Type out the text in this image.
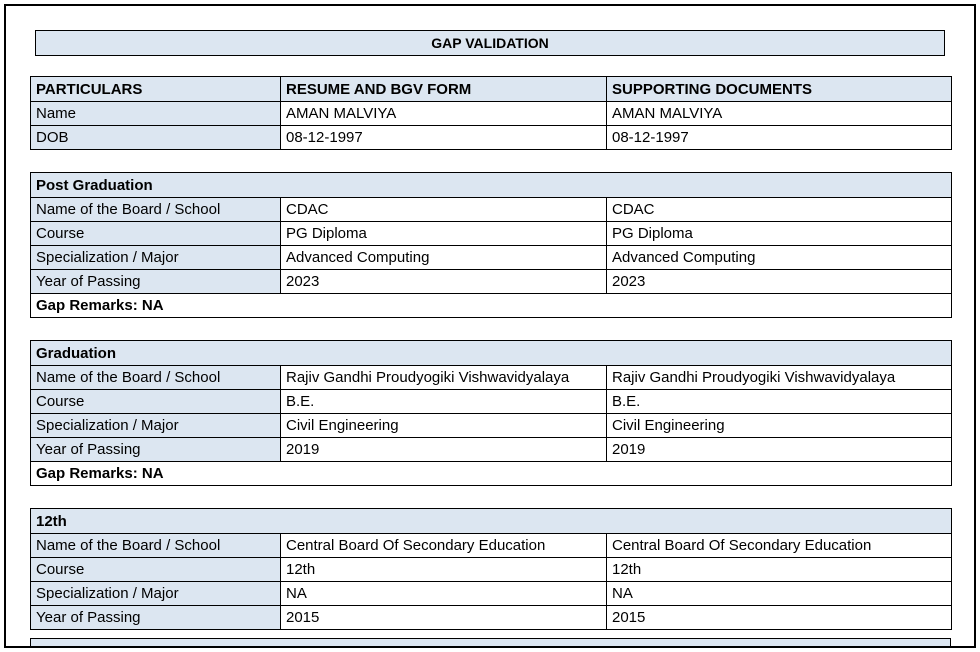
GAP VALIDATION
PARTICULARS	RESUME AND BGV FORM	SUPPORTING DOCUMENTS
Name	AMAN MALVIYA	AMAN MALVIYA
DOB	08-12-1997	08-12-1997
Post Graduation		
Name of the Board / School	CDAC	CDAC
Course	PG Diploma	PG Diploma
Specialization / Major	Advanced Computing	Advanced Computing
Year of Passing	2023	2023
Gap Remarks: NA		
Graduation		
Name of the Board / School	Rajiv Gandhi Proudyogiki Vishwavidyalaya	Rajiv Gandhi Proudyogiki Vishwavidyalaya
Course	B.E.	B.E.
Specialization / Major	Civil Engineering	Civil Engineering
Year of Passing	2019	2019
Gap Remarks: NA		
12th		
Name of the Board / School	Central Board Of Secondary Education	Central Board Of Secondary Education
Course	12th	12th
Specialization / Major	NA	NA
Year of Passing	2015	2015
